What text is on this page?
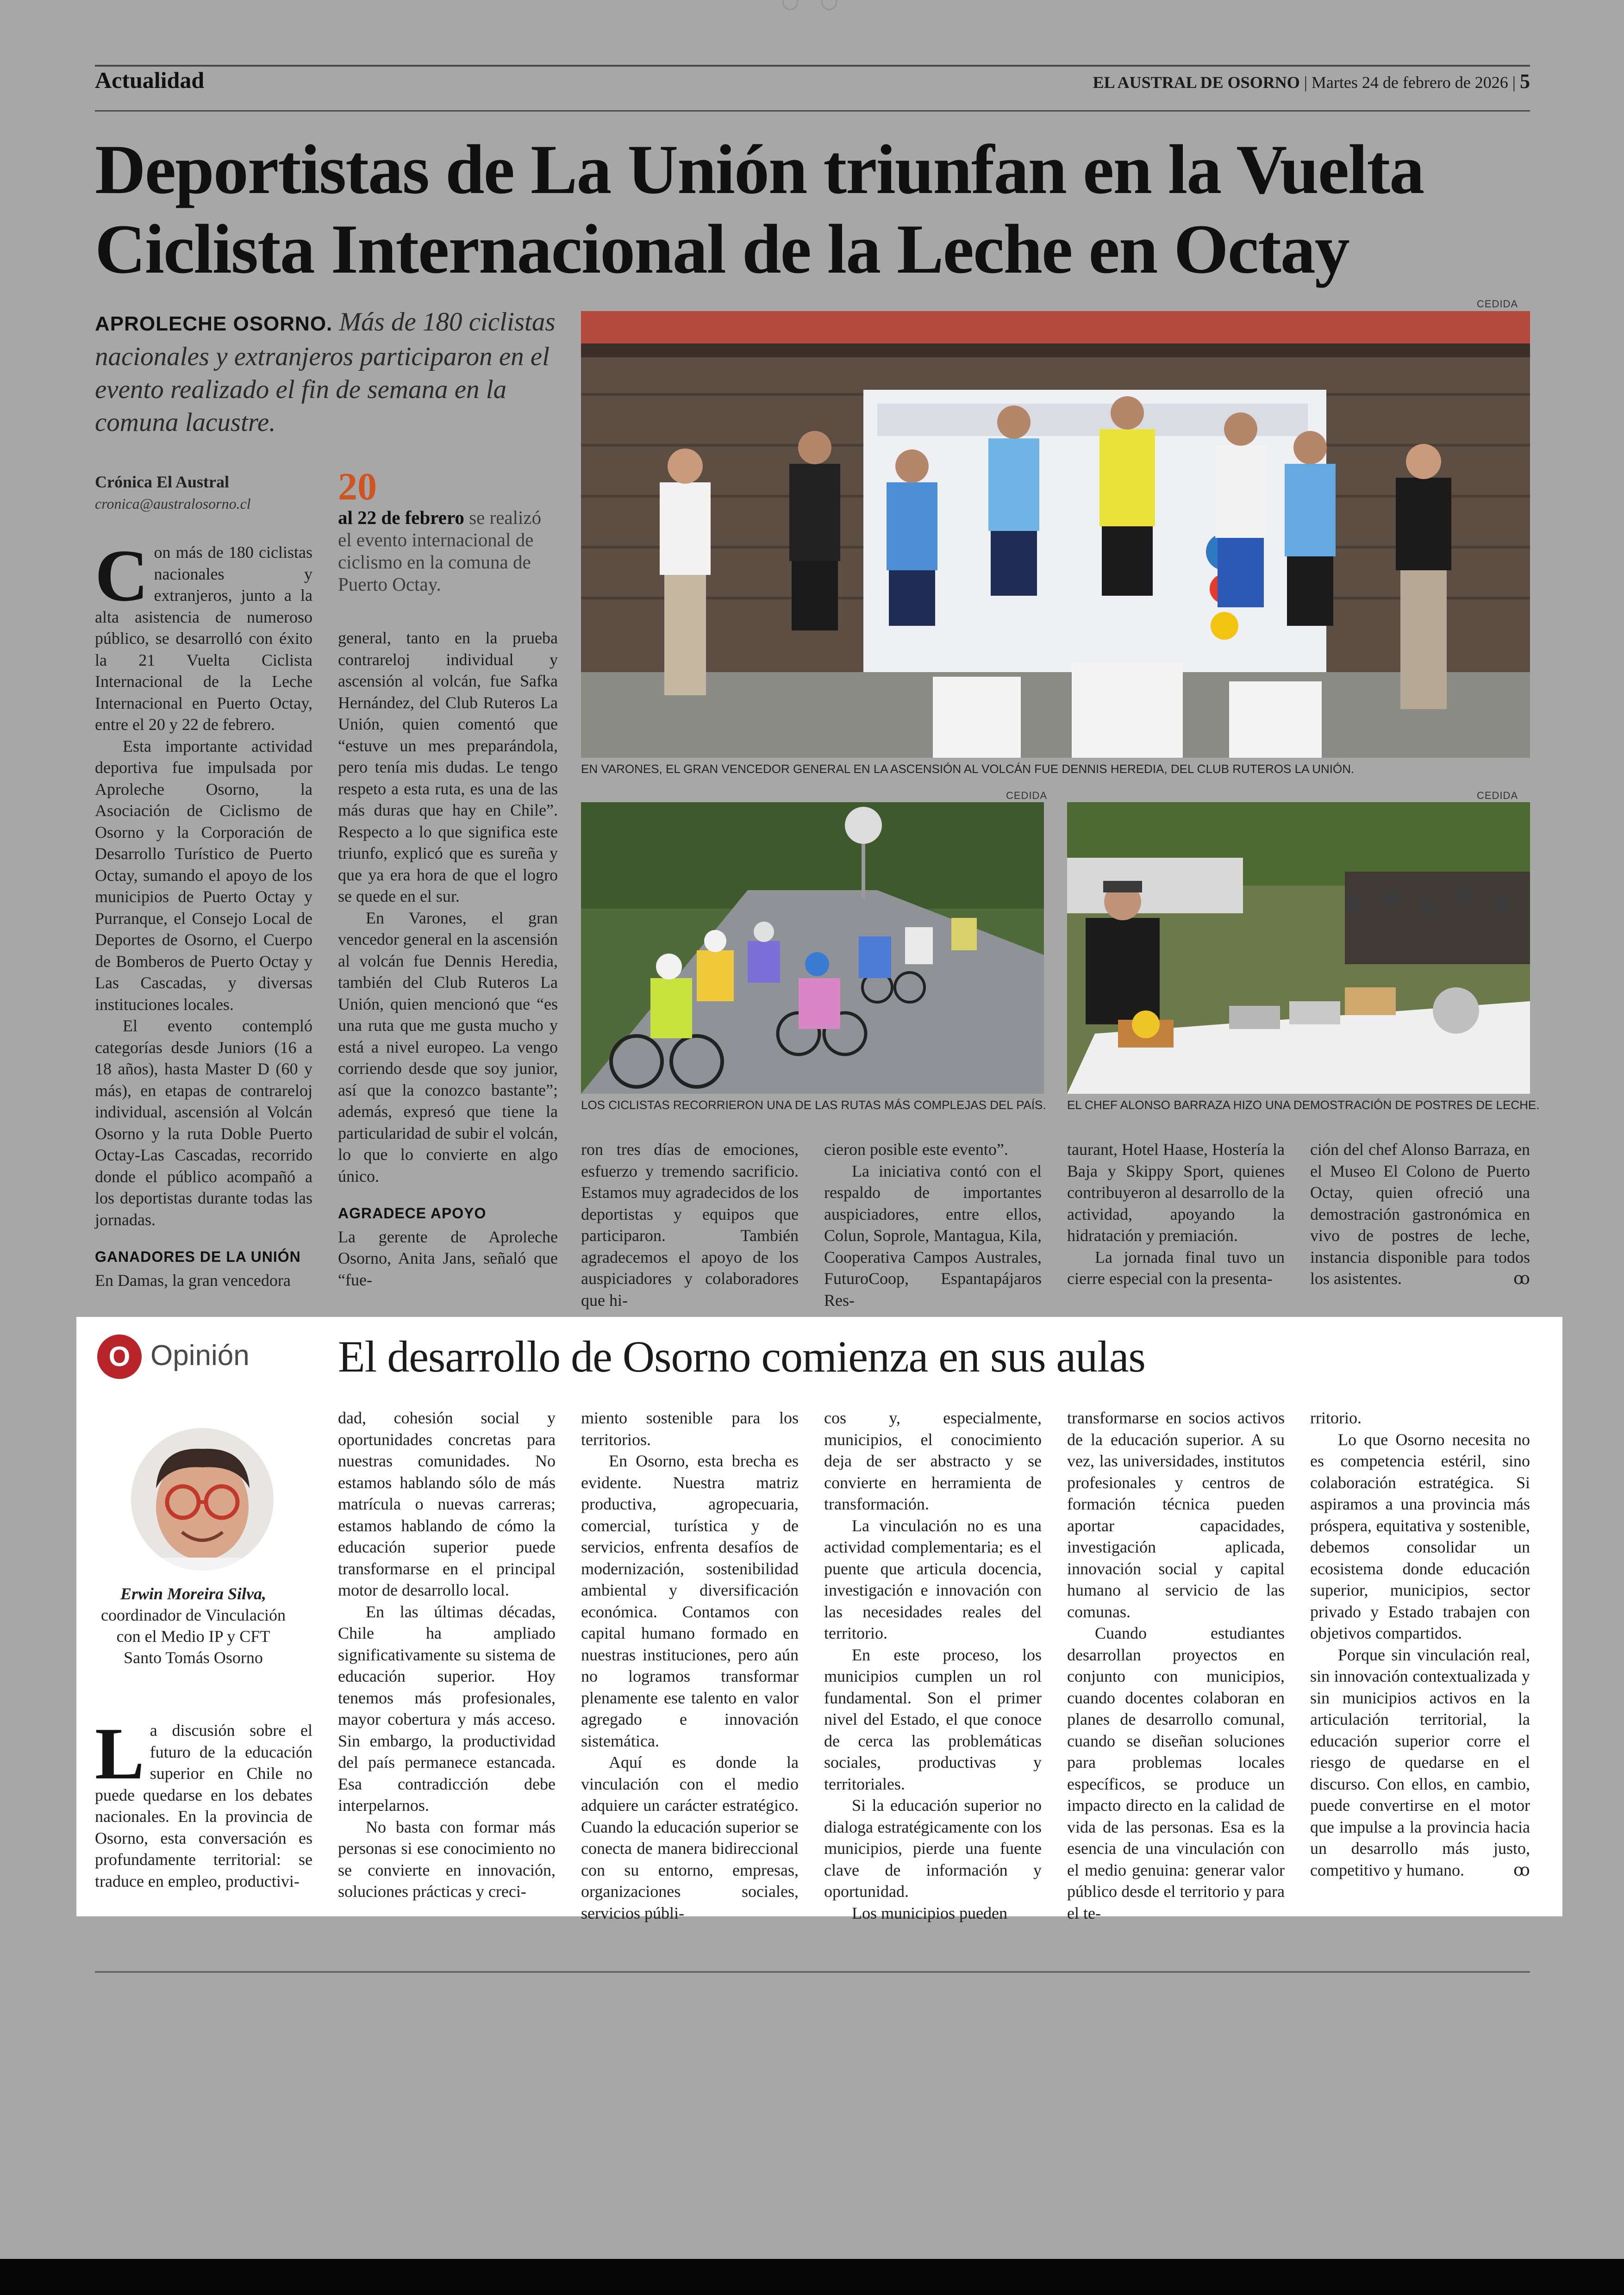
Actualidad	EL AUSTRAL DE OSORNO | Martes 24 de febrero de 2026 | 5
Deportistas de La Unión triunfan en la Vuelta
Ciclista Internacional de la Leche en Octay
APROLECHE OSORNO. Más de 180 ciclistas nacionales y extranjeros participaron en el evento realizado el fin de semana en la comuna lacustre.
Crónica El Austral
cronica@australosorno.cl

Con más de 180 ciclistas nacionales y extranjeros, junto a la alta asistencia de numeroso público, se desarrolló con éxito la 21 Vuelta Ciclista Internacional de la Leche Internacional en Puerto Octay, entre el 20 y 22 de febrero.

Esta importante actividad deportiva fue impulsada por Aproleche Osorno, la Asociación de Ciclismo de Osorno y la Corporación de Desarrollo Turístico de Puerto Octay, sumando el apoyo de los municipios de Puerto Octay y Purranque, el Consejo Local de Deportes de Osorno, el Cuerpo de Bomberos de Puerto Octay y Las Cascadas, y diversas instituciones locales.

El evento contempló categorías desde Juniors (16 a 18 años), hasta Master D (60 y más), en etapas de contrareloj individual, ascensión al Volcán Osorno y la ruta Doble Puerto Octay-Las Cascadas, recorrido donde el público acompañó a los deportistas durante todas las jornadas.

GANADORES DE LA UNIÓN

En Damas, la gran vencedora

20
al 22 de febrero se realizó el evento internacional de ciclismo en la comuna de Puerto Octay.

general, tanto en la prueba contrareloj individual y ascensión al volcán, fue Safka Hernández, del Club Ruteros La Unión, quien comentó que “estuve un mes preparándola, pero tenía mis dudas. Le tengo respeto a esta ruta, es una de las más duras que hay en Chile”. Respecto a lo que significa este triunfo, explicó que es sureña y que ya era hora de que el logro se quede en el sur.

En Varones, el gran vencedor general en la ascensión al volcán fue Dennis Heredia, también del Club Ruteros La Unión, quien mencionó que “es una ruta que me gusta mucho y está a nivel europeo. La vengo corriendo desde que soy junior, así que la conozco bastante”; además, expresó que tiene la particularidad de subir el volcán, lo que lo convierte en algo único.

AGRADECE APOYO

La gerente de Aproleche Osorno, Anita Jans, señaló que “fue-

CEDIDA
EN VARONES, EL GRAN VENCEDOR GENERAL EN LA ASCENSIÓN AL VOLCÁN FUE DENNIS HEREDIA, DEL CLUB RUTEROS LA UNIÓN.
CEDIDA
LOS CICLISTAS RECORRIERON UNA DE LAS RUTAS MÁS COMPLEJAS DEL PAÍS.
CEDIDA
EL CHEF ALONSO BARRAZA HIZO UNA DEMOSTRACIÓN DE POSTRES DE LECHE.

ron tres días de emociones, esfuerzo y tremendo sacrificio. Estamos muy agradecidos de los deportistas y equipos que participaron. También agradecemos el apoyo de los auspiciadores y colaboradores que hi-

cieron posible este evento”.

La iniciativa contó con el respaldo de importantes auspiciadores, entre ellos, Colun, Soprole, Mantagua, Kila, Cooperativa Campos Australes, FuturoCoop, Espantapájaros Res-

taurant, Hotel Haase, Hostería la Baja y Skippy Sport, quienes contribuyeron al desarrollo de la actividad, apoyando la hidratación y premiación.

La jornada final tuvo un cierre especial con la presenta-

ción del chef Alonso Barraza, en el Museo El Colono de Puerto Octay, quien ofreció una demostración gastronómica en vivo de postres de leche, instancia disponible para todos los asistentes.	ꝏ

O Opinión El desarrollo de Osorno comienza en sus aulas
Erwin Moreira Silva,
coordinador de Vinculación con el Medio IP y CFT Santo Tomás Osorno

La discusión sobre el futuro de la educación superior en Chile no puede quedarse en los debates nacionales. En la provincia de Osorno, esta conversación es profundamente territorial: se traduce en empleo, productivi-

dad, cohesión social y oportunidades concretas para nuestras comunidades. No estamos hablando sólo de más matrícula o nuevas carreras; estamos hablando de cómo la educación superior puede transformarse en el principal motor de desarrollo local.

En las últimas décadas, Chile ha ampliado significativamente su sistema de educación superior. Hoy tenemos más profesionales, mayor cobertura y más acceso. Sin embargo, la productividad del país permanece estancada. Esa contradicción debe interpelarnos.

No basta con formar más personas si ese conocimiento no se convierte en innovación, soluciones prácticas y creci-

miento sostenible para los territorios.

En Osorno, esta brecha es evidente. Nuestra matriz productiva, agropecuaria, comercial, turística y de servicios, enfrenta desafíos de modernización, sostenibilidad ambiental y diversificación económica. Contamos con capital humano formado en nuestras instituciones, pero aún no logramos transformar plenamente ese talento en valor agregado e innovación sistemática.

Aquí es donde la vinculación con el medio adquiere un carácter estratégico. Cuando la educación superior se conecta de manera bidireccional con su entorno, empresas, organizaciones sociales, servicios públi-

cos y, especialmente, municipios, el conocimiento deja de ser abstracto y se convierte en herramienta de transformación.

La vinculación no es una actividad complementaria; es el puente que articula docencia, investigación e innovación con las necesidades reales del territorio.

En este proceso, los municipios cumplen un rol fundamental. Son el primer nivel del Estado, el que conoce de cerca las problemáticas sociales, productivas y territoriales.

Si la educación superior no dialoga estratégicamente con los municipios, pierde una fuente clave de información y oportunidad.

Los municipios pueden

transformarse en socios activos de la educación superior. A su vez, las universidades, institutos profesionales y centros de formación técnica pueden aportar capacidades, investigación aplicada, innovación social y capital humano al servicio de las comunas.

Cuando estudiantes desarrollan proyectos en conjunto con municipios, cuando docentes colaboran en planes de desarrollo comunal, cuando se diseñan soluciones para problemas locales específicos, se produce un impacto directo en la calidad de vida de las personas. Esa es la esencia de una vinculación con el medio genuina: generar valor público desde el territorio y para el te-

rritorio.

Lo que Osorno necesita no es competencia estéril, sino colaboración estratégica. Si aspiramos a una provincia más próspera, equitativa y sostenible, debemos consolidar un ecosistema donde educación superior, municipios, sector privado y Estado trabajen con objetivos compartidos.

Porque sin vinculación real, sin innovación contextualizada y sin municipios activos en la articulación territorial, la educación superior corre el riesgo de quedarse en el discurso. Con ellos, en cambio, puede convertirse en el motor que impulse a la provincia hacia un desarrollo más justo, competitivo y humano.	ꝏ
